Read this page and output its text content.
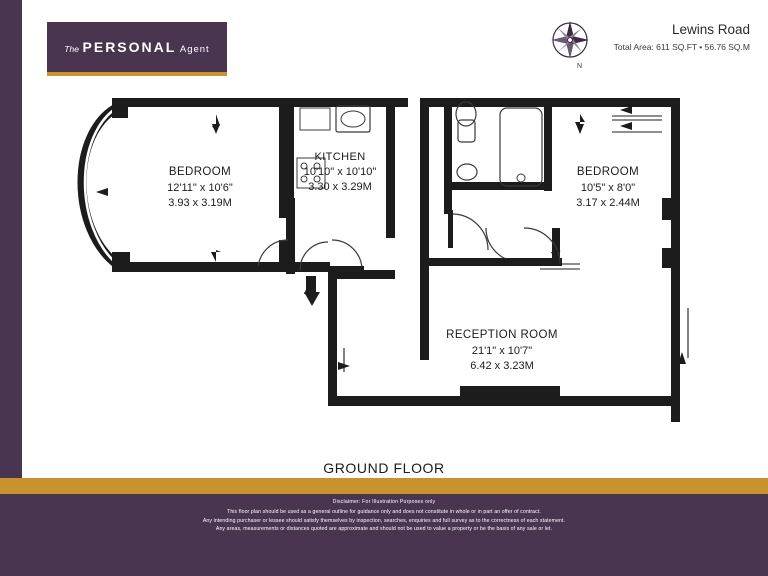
The PERSONAL Agent
N
Lewins Road
Total Area: 611 SQ.FT • 56.76 SQ.M
BEDROOM
12'11" x 10'6"
3.93 x 3.19M
KITCHEN
10'10" x 10'10"
3.30 x 3.29M
BEDROOM
10'5" x 8'0"
3.17 x 2.44M
RECEPTION ROOM
21'1" x 10'7"
6.42 x 3.23M
GROUND FLOOR
Disclaimer: For Illustration Purposes only
This floor plan should be used as a general outline for guidance only and does not constitute in whole or in part an offer of contract.
Any intending purchaser or lessee should satisfy themselves by inspection, searches, enquiries and full survey as to the correctness of each statement.
Any areas, measurements or distances quoted are approximate and should not be used to value a property or be the basis of any sale or let.
